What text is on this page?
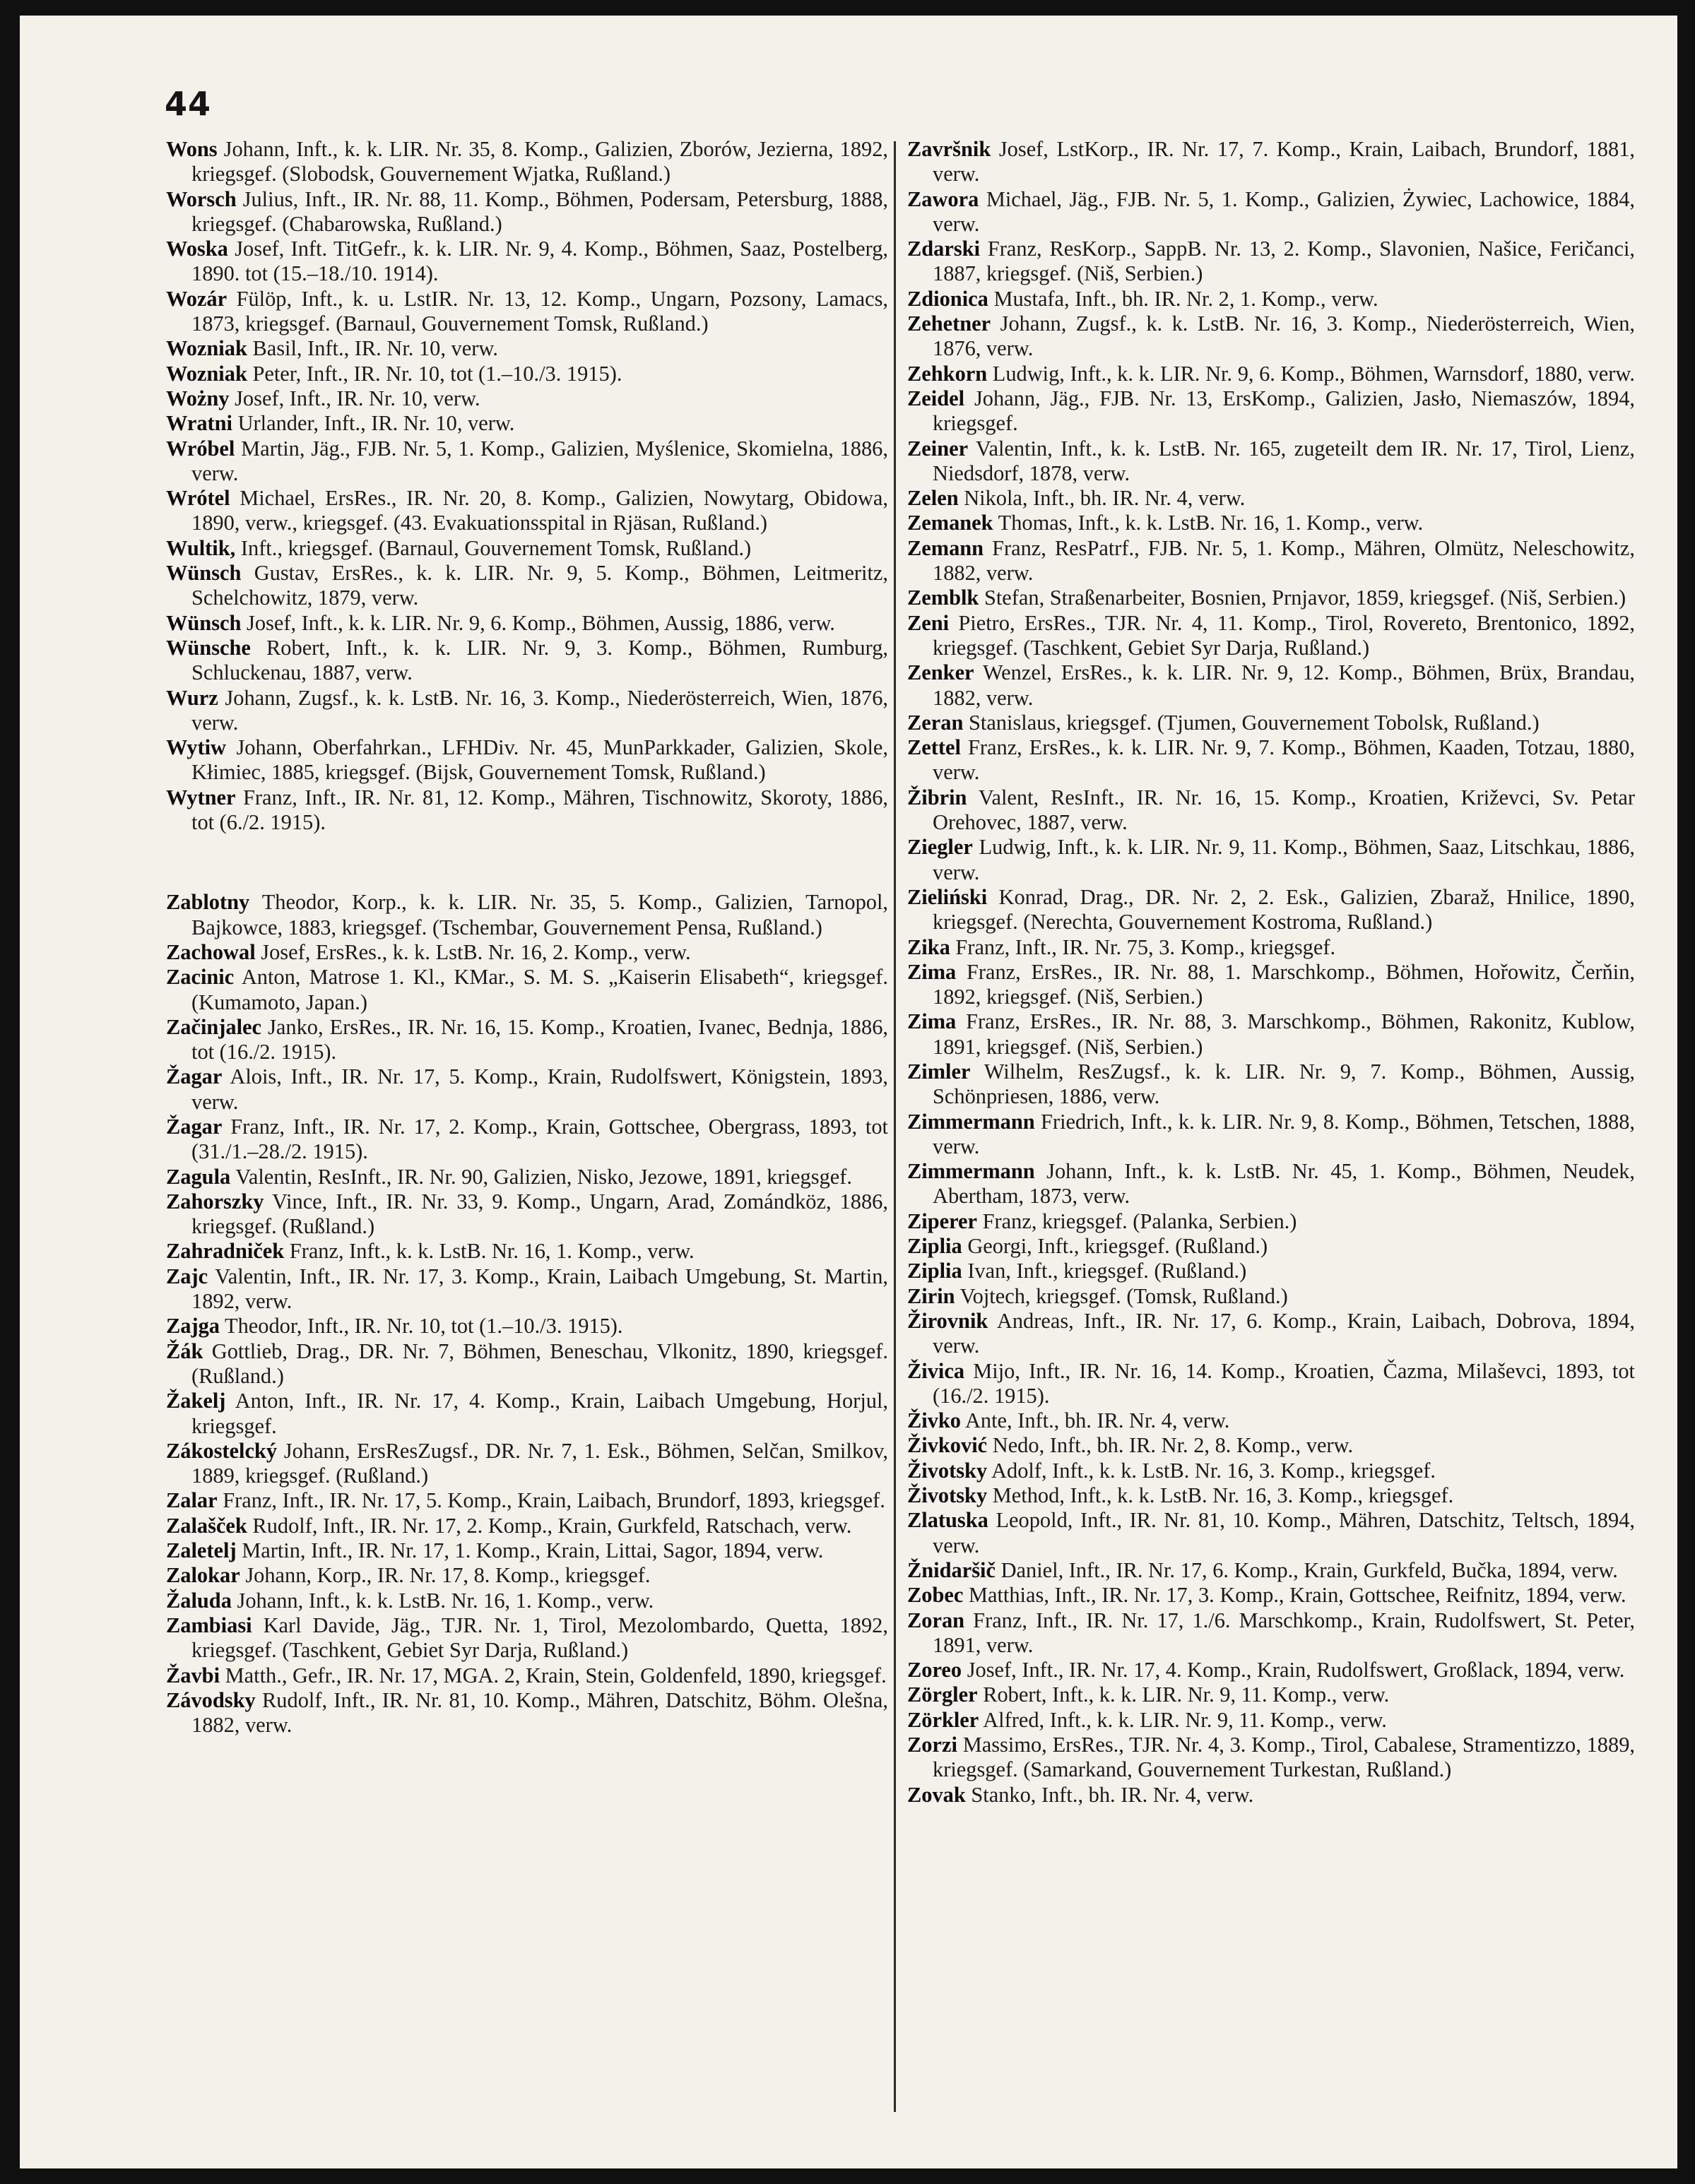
44

Wons Johann, Inft., k. k. LIR. Nr. 35, 8. Komp., Galizien, Zborów, Jezierna, 1892, kriegsgef. (Slobodsk, Gouvernement Wjatka, Rußland.)

Worsch Julius, Inft., IR. Nr. 88, 11. Komp., Böhmen, Podersam, Petersburg, 1888, kriegsgef. (Chabarowska, Rußland.)

Woska Josef, Inft. TitGefr., k. k. LIR. Nr. 9, 4. Komp., Böhmen, Saaz, Postelberg, 1890. tot (15.–18./10. 1914).

Wozár Fülöp, Inft., k. u. LstIR. Nr. 13, 12. Komp., Ungarn, Pozsony, Lamacs, 1873, kriegsgef. (Barnaul, Gouvernement Tomsk, Rußland.)

Wozniak Basil, Inft., IR. Nr. 10, verw.

Wozniak Peter, Inft., IR. Nr. 10, tot (1.–10./3. 1915).

Wożny Josef, Inft., IR. Nr. 10, verw.

Wratni Urlander, Inft., IR. Nr. 10, verw.

Wróbel Martin, Jäg., FJB. Nr. 5, 1. Komp., Galizien, Myślenice, Skomielna, 1886, verw.

Wrótel Michael, ErsRes., IR. Nr. 20, 8. Komp., Galizien, Nowytarg, Obidowa, 1890, verw., kriegsgef. (43. Evakuationsspital in Rjäsan, Rußland.)

Wultik, Inft., kriegsgef. (Barnaul, Gouvernement Tomsk, Rußland.)

Wünsch Gustav, ErsRes., k. k. LIR. Nr. 9, 5. Komp., Böhmen, Leitmeritz, Schelchowitz, 1879, verw.

Wünsch Josef, Inft., k. k. LIR. Nr. 9, 6. Komp., Böhmen, Aussig, 1886, verw.

Wünsche Robert, Inft., k. k. LIR. Nr. 9, 3. Komp., Böhmen, Rumburg, Schluckenau, 1887, verw.

Wurz Johann, Zugsf., k. k. LstB. Nr. 16, 3. Komp., Niederösterreich, Wien, 1876, verw.

Wytiw Johann, Oberfahrkan., LFHDiv. Nr. 45, MunParkkader, Galizien, Skole, Kłimiec, 1885, kriegsgef. (Bijsk, Gouvernement Tomsk, Rußland.)

Wytner Franz, Inft., IR. Nr. 81, 12. Komp., Mähren, Tischnowitz, Skoroty, 1886, tot (6./2. 1915).

Zablotny Theodor, Korp., k. k. LIR. Nr. 35, 5. Komp., Galizien, Tarnopol, Bajkowce, 1883, kriegsgef. (Tschembar, Gouvernement Pensa, Rußland.)

Zachowal Josef, ErsRes., k. k. LstB. Nr. 16, 2. Komp., verw.

Zacinic Anton, Matrose 1. Kl., KMar., S. M. S. „Kaiserin Elisabeth“, kriegsgef. (Kumamoto, Japan.)

Začinjalec Janko, ErsRes., IR. Nr. 16, 15. Komp., Kroatien, Ivanec, Bednja, 1886, tot (16./2. 1915).

Žagar Alois, Inft., IR. Nr. 17, 5. Komp., Krain, Rudolfswert, Königstein, 1893, verw.

Žagar Franz, Inft., IR. Nr. 17, 2. Komp., Krain, Gottschee, Obergrass, 1893, tot (31./1.–28./2. 1915).

Zagula Valentin, ResInft., IR. Nr. 90, Galizien, Nisko, Jezowe, 1891, kriegsgef.

Zahorszky Vince, Inft., IR. Nr. 33, 9. Komp., Ungarn, Arad, Zomándköz, 1886, kriegsgef. (Rußland.)

Zahradniček Franz, Inft., k. k. LstB. Nr. 16, 1. Komp., verw.

Zajc Valentin, Inft., IR. Nr. 17, 3. Komp., Krain, Laibach Umgebung, St. Martin, 1892, verw.

Zajga Theodor, Inft., IR. Nr. 10, tot (1.–10./3. 1915).

Žák Gottlieb, Drag., DR. Nr. 7, Böhmen, Beneschau, Vlkonitz, 1890, kriegsgef. (Rußland.)

Žakelj Anton, Inft., IR. Nr. 17, 4. Komp., Krain, Laibach Umgebung, Horjul, kriegsgef.

Zákostelcký Johann, ErsResZugsf., DR. Nr. 7, 1. Esk., Böhmen, Selčan, Smilkov, 1889, kriegsgef. (Rußland.)

Zalar Franz, Inft., IR. Nr. 17, 5. Komp., Krain, Laibach, Brundorf, 1893, kriegsgef.

Zalašček Rudolf, Inft., IR. Nr. 17, 2. Komp., Krain, Gurkfeld, Ratschach, verw.

Zaletelj Martin, Inft., IR. Nr. 17, 1. Komp., Krain, Littai, Sagor, 1894, verw.

Zalokar Johann, Korp., IR. Nr. 17, 8. Komp., kriegsgef.

Žaluda Johann, Inft., k. k. LstB. Nr. 16, 1. Komp., verw.

Zambiasi Karl Davide, Jäg., TJR. Nr. 1, Tirol, Mezolombardo, Quetta, 1892, kriegsgef. (Taschkent, Gebiet Syr Darja, Rußland.)

Žavbi Matth., Gefr., IR. Nr. 17, MGA. 2, Krain, Stein, Goldenfeld, 1890, kriegsgef.

Závodsky Rudolf, Inft., IR. Nr. 81, 10. Komp., Mähren, Datschitz, Böhm. Olešna, 1882, verw.

Završnik Josef, LstKorp., IR. Nr. 17, 7. Komp., Krain, Laibach, Brundorf, 1881, verw.

Zawora Michael, Jäg., FJB. Nr. 5, 1. Komp., Galizien, Żywiec, Lachowice, 1884, verw.

Zdarski Franz, ResKorp., SappB. Nr. 13, 2. Komp., Slavonien, Našice, Feričanci, 1887, kriegsgef. (Niš, Serbien.)

Zdionica Mustafa, Inft., bh. IR. Nr. 2, 1. Komp., verw.

Zehetner Johann, Zugsf., k. k. LstB. Nr. 16, 3. Komp., Niederösterreich, Wien, 1876, verw.

Zehkorn Ludwig, Inft., k. k. LIR. Nr. 9, 6. Komp., Böhmen, Warnsdorf, 1880, verw.

Zeidel Johann, Jäg., FJB. Nr. 13, ErsKomp., Galizien, Jasło, Niemaszów, 1894, kriegsgef.

Zeiner Valentin, Inft., k. k. LstB. Nr. 165, zugeteilt dem IR. Nr. 17, Tirol, Lienz, Niedsdorf, 1878, verw.

Zelen Nikola, Inft., bh. IR. Nr. 4, verw.

Zemanek Thomas, Inft., k. k. LstB. Nr. 16, 1. Komp., verw.

Zemann Franz, ResPatrf., FJB. Nr. 5, 1. Komp., Mähren, Olmütz, Neleschowitz, 1882, verw.

Zemblk Stefan, Straßenarbeiter, Bosnien, Prnjavor, 1859, kriegsgef. (Niš, Serbien.)

Zeni Pietro, ErsRes., TJR. Nr. 4, 11. Komp., Tirol, Rovereto, Brentonico, 1892, kriegsgef. (Taschkent, Gebiet Syr Darja, Rußland.)

Zenker Wenzel, ErsRes., k. k. LIR. Nr. 9, 12. Komp., Böhmen, Brüx, Brandau, 1882, verw.

Zeran Stanislaus, kriegsgef. (Tjumen, Gouvernement Tobolsk, Rußland.)

Zettel Franz, ErsRes., k. k. LIR. Nr. 9, 7. Komp., Böhmen, Kaaden, Totzau, 1880, verw.

Žibrin Valent, ResInft., IR. Nr. 16, 15. Komp., Kroatien, Križevci, Sv. Petar Orehovec, 1887, verw.

Ziegler Ludwig, Inft., k. k. LIR. Nr. 9, 11. Komp., Böhmen, Saaz, Litschkau, 1886, verw.

Zieliński Konrad, Drag., DR. Nr. 2, 2. Esk., Galizien, Zbaraž, Hnilice, 1890, kriegsgef. (Nerechta, Gouvernement Kostroma, Rußland.)

Zika Franz, Inft., IR. Nr. 75, 3. Komp., kriegsgef.

Zima Franz, ErsRes., IR. Nr. 88, 1. Marschkomp., Böhmen, Hořowitz, Čerňin, 1892, kriegsgef. (Niš, Serbien.)

Zima Franz, ErsRes., IR. Nr. 88, 3. Marschkomp., Böhmen, Rakonitz, Kublow, 1891, kriegsgef. (Niš, Serbien.)

Zimler Wilhelm, ResZugsf., k. k. LIR. Nr. 9, 7. Komp., Böhmen, Aussig, Schönpriesen, 1886, verw.

Zimmermann Friedrich, Inft., k. k. LIR. Nr. 9, 8. Komp., Böhmen, Tetschen, 1888, verw.

Zimmermann Johann, Inft., k. k. LstB. Nr. 45, 1. Komp., Böhmen, Neudek, Abertham, 1873, verw.

Ziperer Franz, kriegsgef. (Palanka, Serbien.)

Ziplia Georgi, Inft., kriegsgef. (Rußland.)

Ziplia Ivan, Inft., kriegsgef. (Rußland.)

Zirin Vojtech, kriegsgef. (Tomsk, Rußland.)

Žirovnik Andreas, Inft., IR. Nr. 17, 6. Komp., Krain, Laibach, Dobrova, 1894, verw.

Živica Mijo, Inft., IR. Nr. 16, 14. Komp., Kroatien, Čazma, Milaševci, 1893, tot (16./2. 1915).

Živko Ante, Inft., bh. IR. Nr. 4, verw.

Živković Nedo, Inft., bh. IR. Nr. 2, 8. Komp., verw.

Životsky Adolf, Inft., k. k. LstB. Nr. 16, 3. Komp., kriegsgef.

Životsky Method, Inft., k. k. LstB. Nr. 16, 3. Komp., kriegsgef.

Zlatuska Leopold, Inft., IR. Nr. 81, 10. Komp., Mähren, Datschitz, Teltsch, 1894, verw.

Žnidaršič Daniel, Inft., IR. Nr. 17, 6. Komp., Krain, Gurkfeld, Bučka, 1894, verw.

Zobec Matthias, Inft., IR. Nr. 17, 3. Komp., Krain, Gottschee, Reifnitz, 1894, verw.

Zoran Franz, Inft., IR. Nr. 17, 1./6. Marschkomp., Krain, Rudolfswert, St. Peter, 1891, verw.

Zoreo Josef, Inft., IR. Nr. 17, 4. Komp., Krain, Rudolfswert, Großlack, 1894, verw.

Zörgler Robert, Inft., k. k. LIR. Nr. 9, 11. Komp., verw.

Zörkler Alfred, Inft., k. k. LIR. Nr. 9, 11. Komp., verw.

Zorzi Massimo, ErsRes., TJR. Nr. 4, 3. Komp., Tirol, Cabalese, Stramentizzo, 1889, kriegsgef. (Samarkand, Gouvernement Turkestan, Rußland.)

Zovak Stanko, Inft., bh. IR. Nr. 4, verw.
